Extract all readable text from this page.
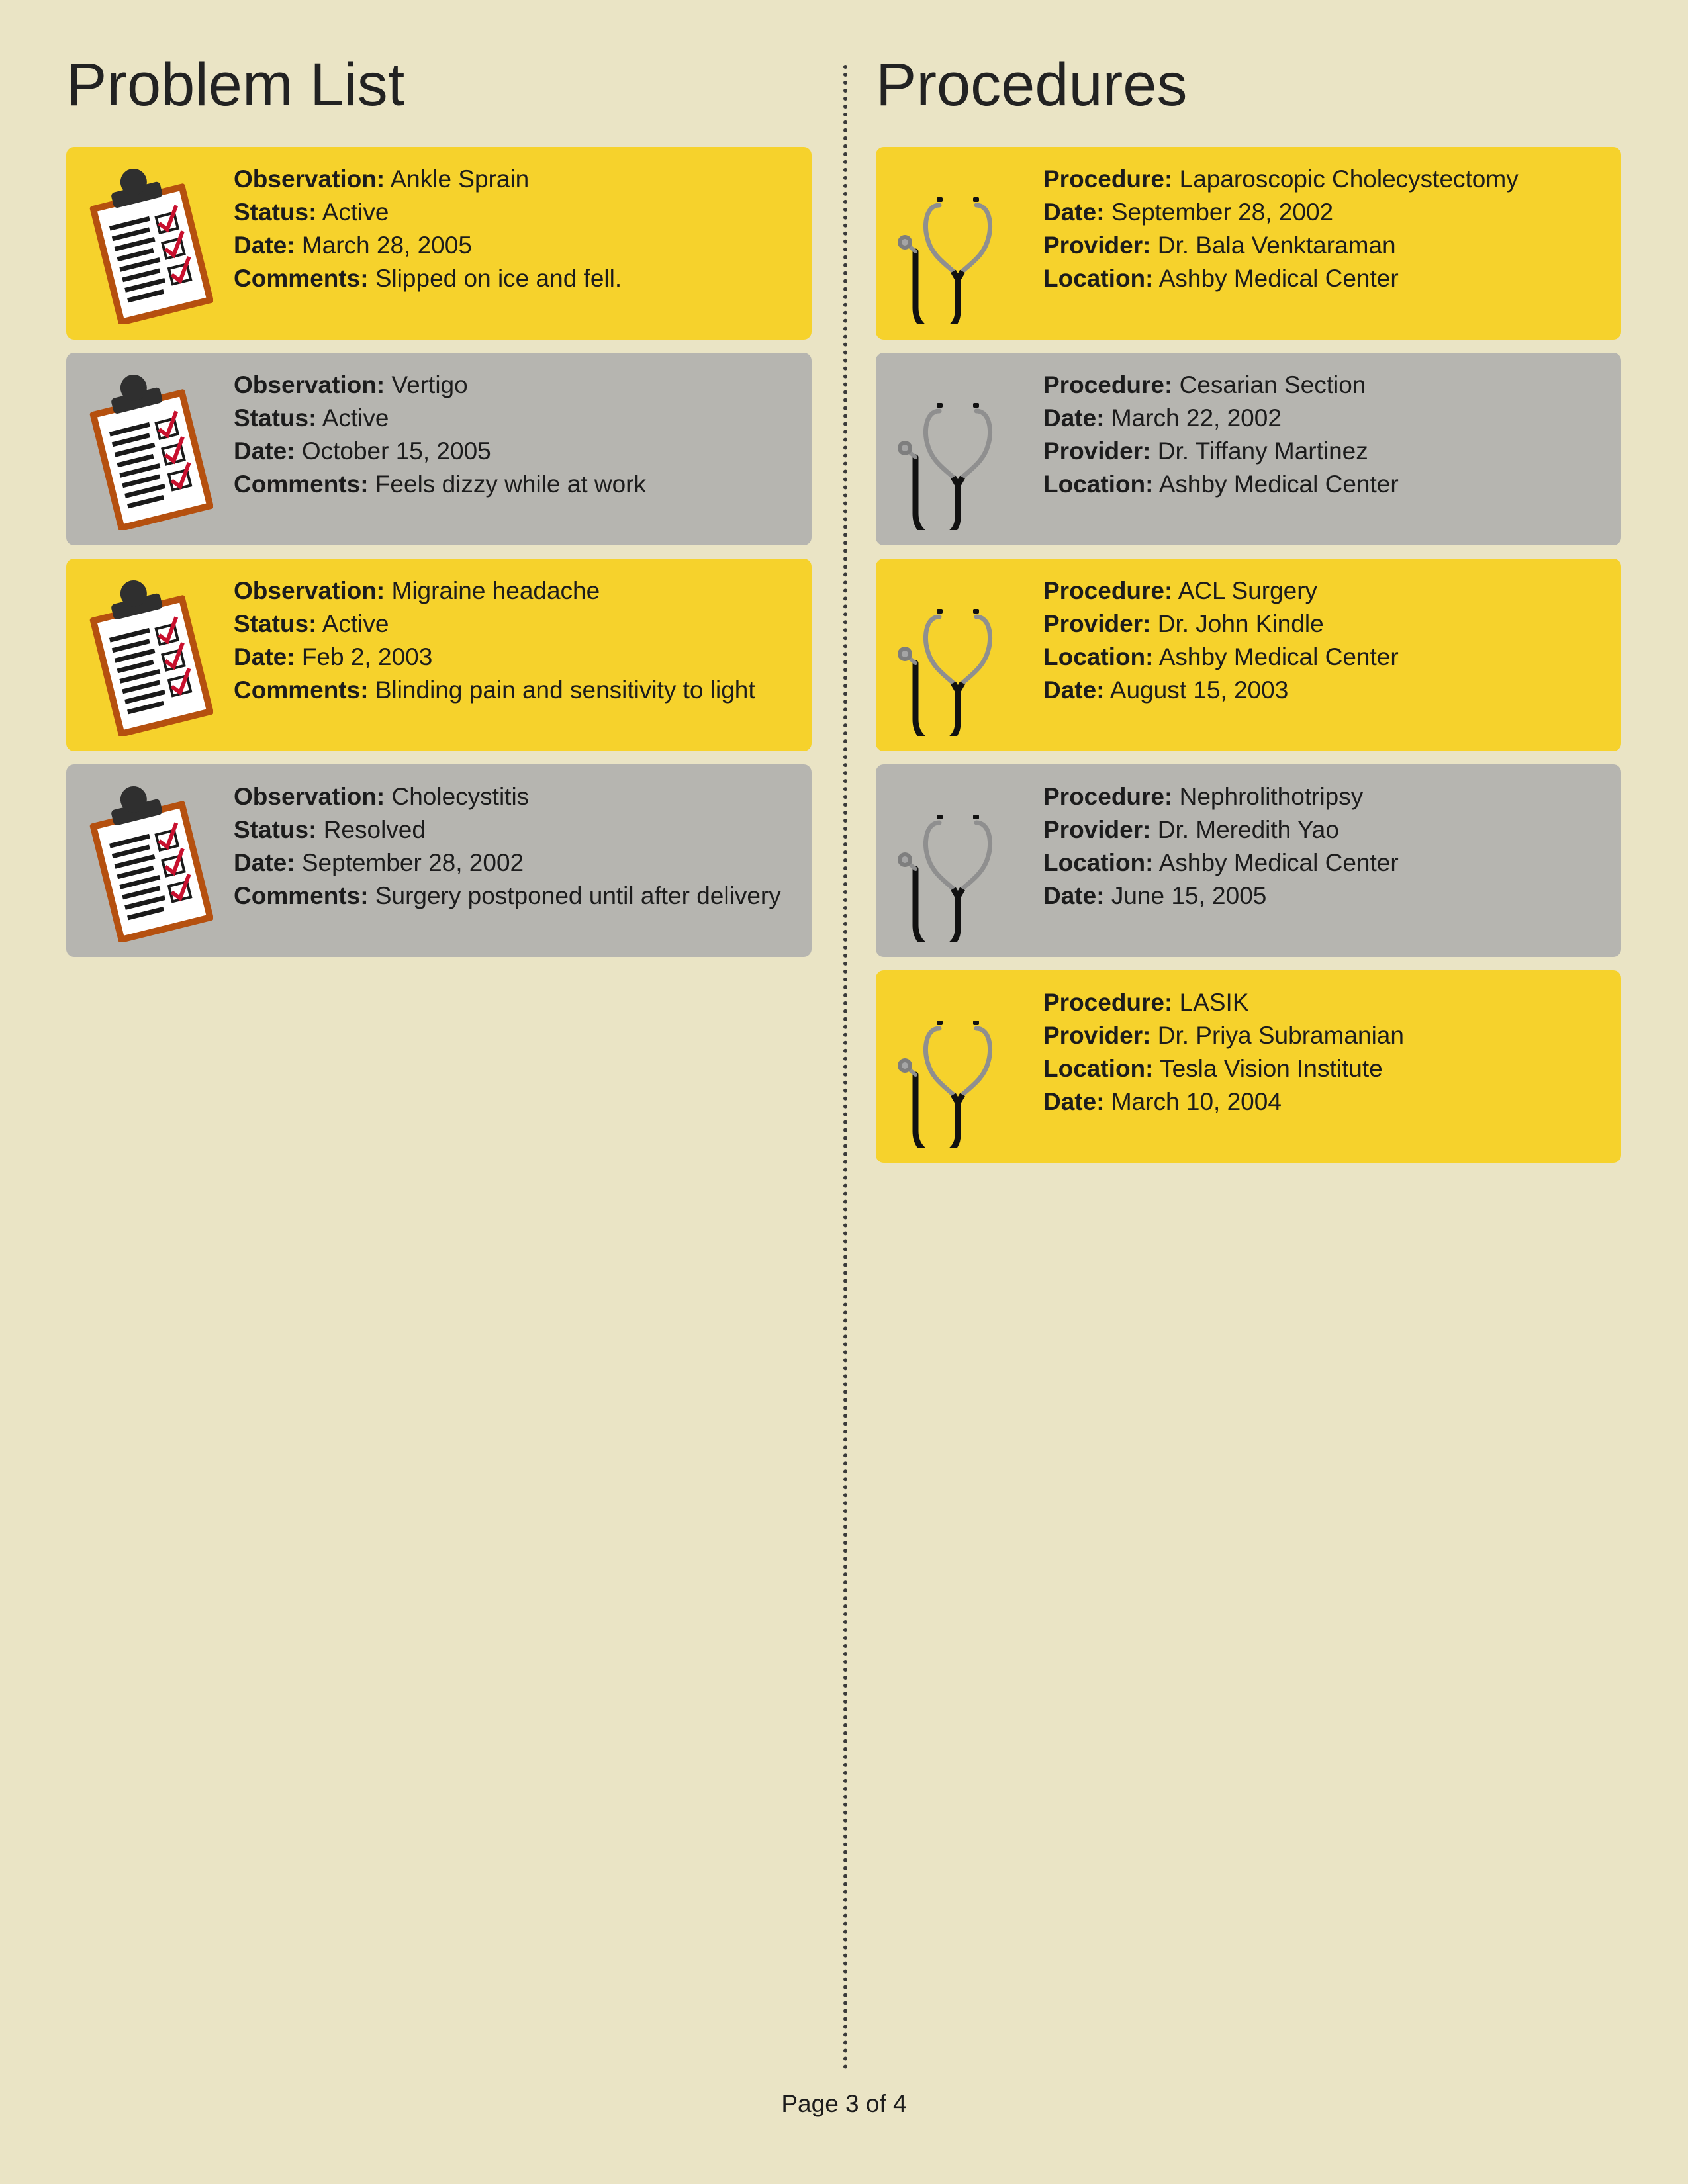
Problem List
Observation: Ankle Sprain
Status: Active
Date: March 28, 2005
Comments: Slipped on ice and fell.
Observation: Vertigo
Status: Active
Date: October 15, 2005
Comments: Feels dizzy while at work
Observation: Migraine headache
Status: Active
Date: Feb 2, 2003
Comments: Blinding pain and sensitivity to light
Observation: Cholecystitis
Status: Resolved
Date: September 28, 2002
Comments: Surgery postponed until after delivery
Procedures
Procedure: Laparoscopic Cholecystectomy
Date: September 28, 2002
Provider: Dr. Bala Venktaraman
Location: Ashby Medical Center
Procedure: Cesarian Section
Date: March 22, 2002
Provider: Dr. Tiffany Martinez
Location: Ashby Medical Center
Procedure: ACL Surgery
Provider: Dr. John Kindle
Location: Ashby Medical Center
Date: August 15, 2003
Procedure: Nephrolithotripsy
Provider: Dr. Meredith Yao
Location: Ashby Medical Center
Date: June 15, 2005
Procedure: LASIK
Provider: Dr. Priya Subramanian
Location: Tesla Vision Institute
Date: March 10, 2004
Page 3 of 4
